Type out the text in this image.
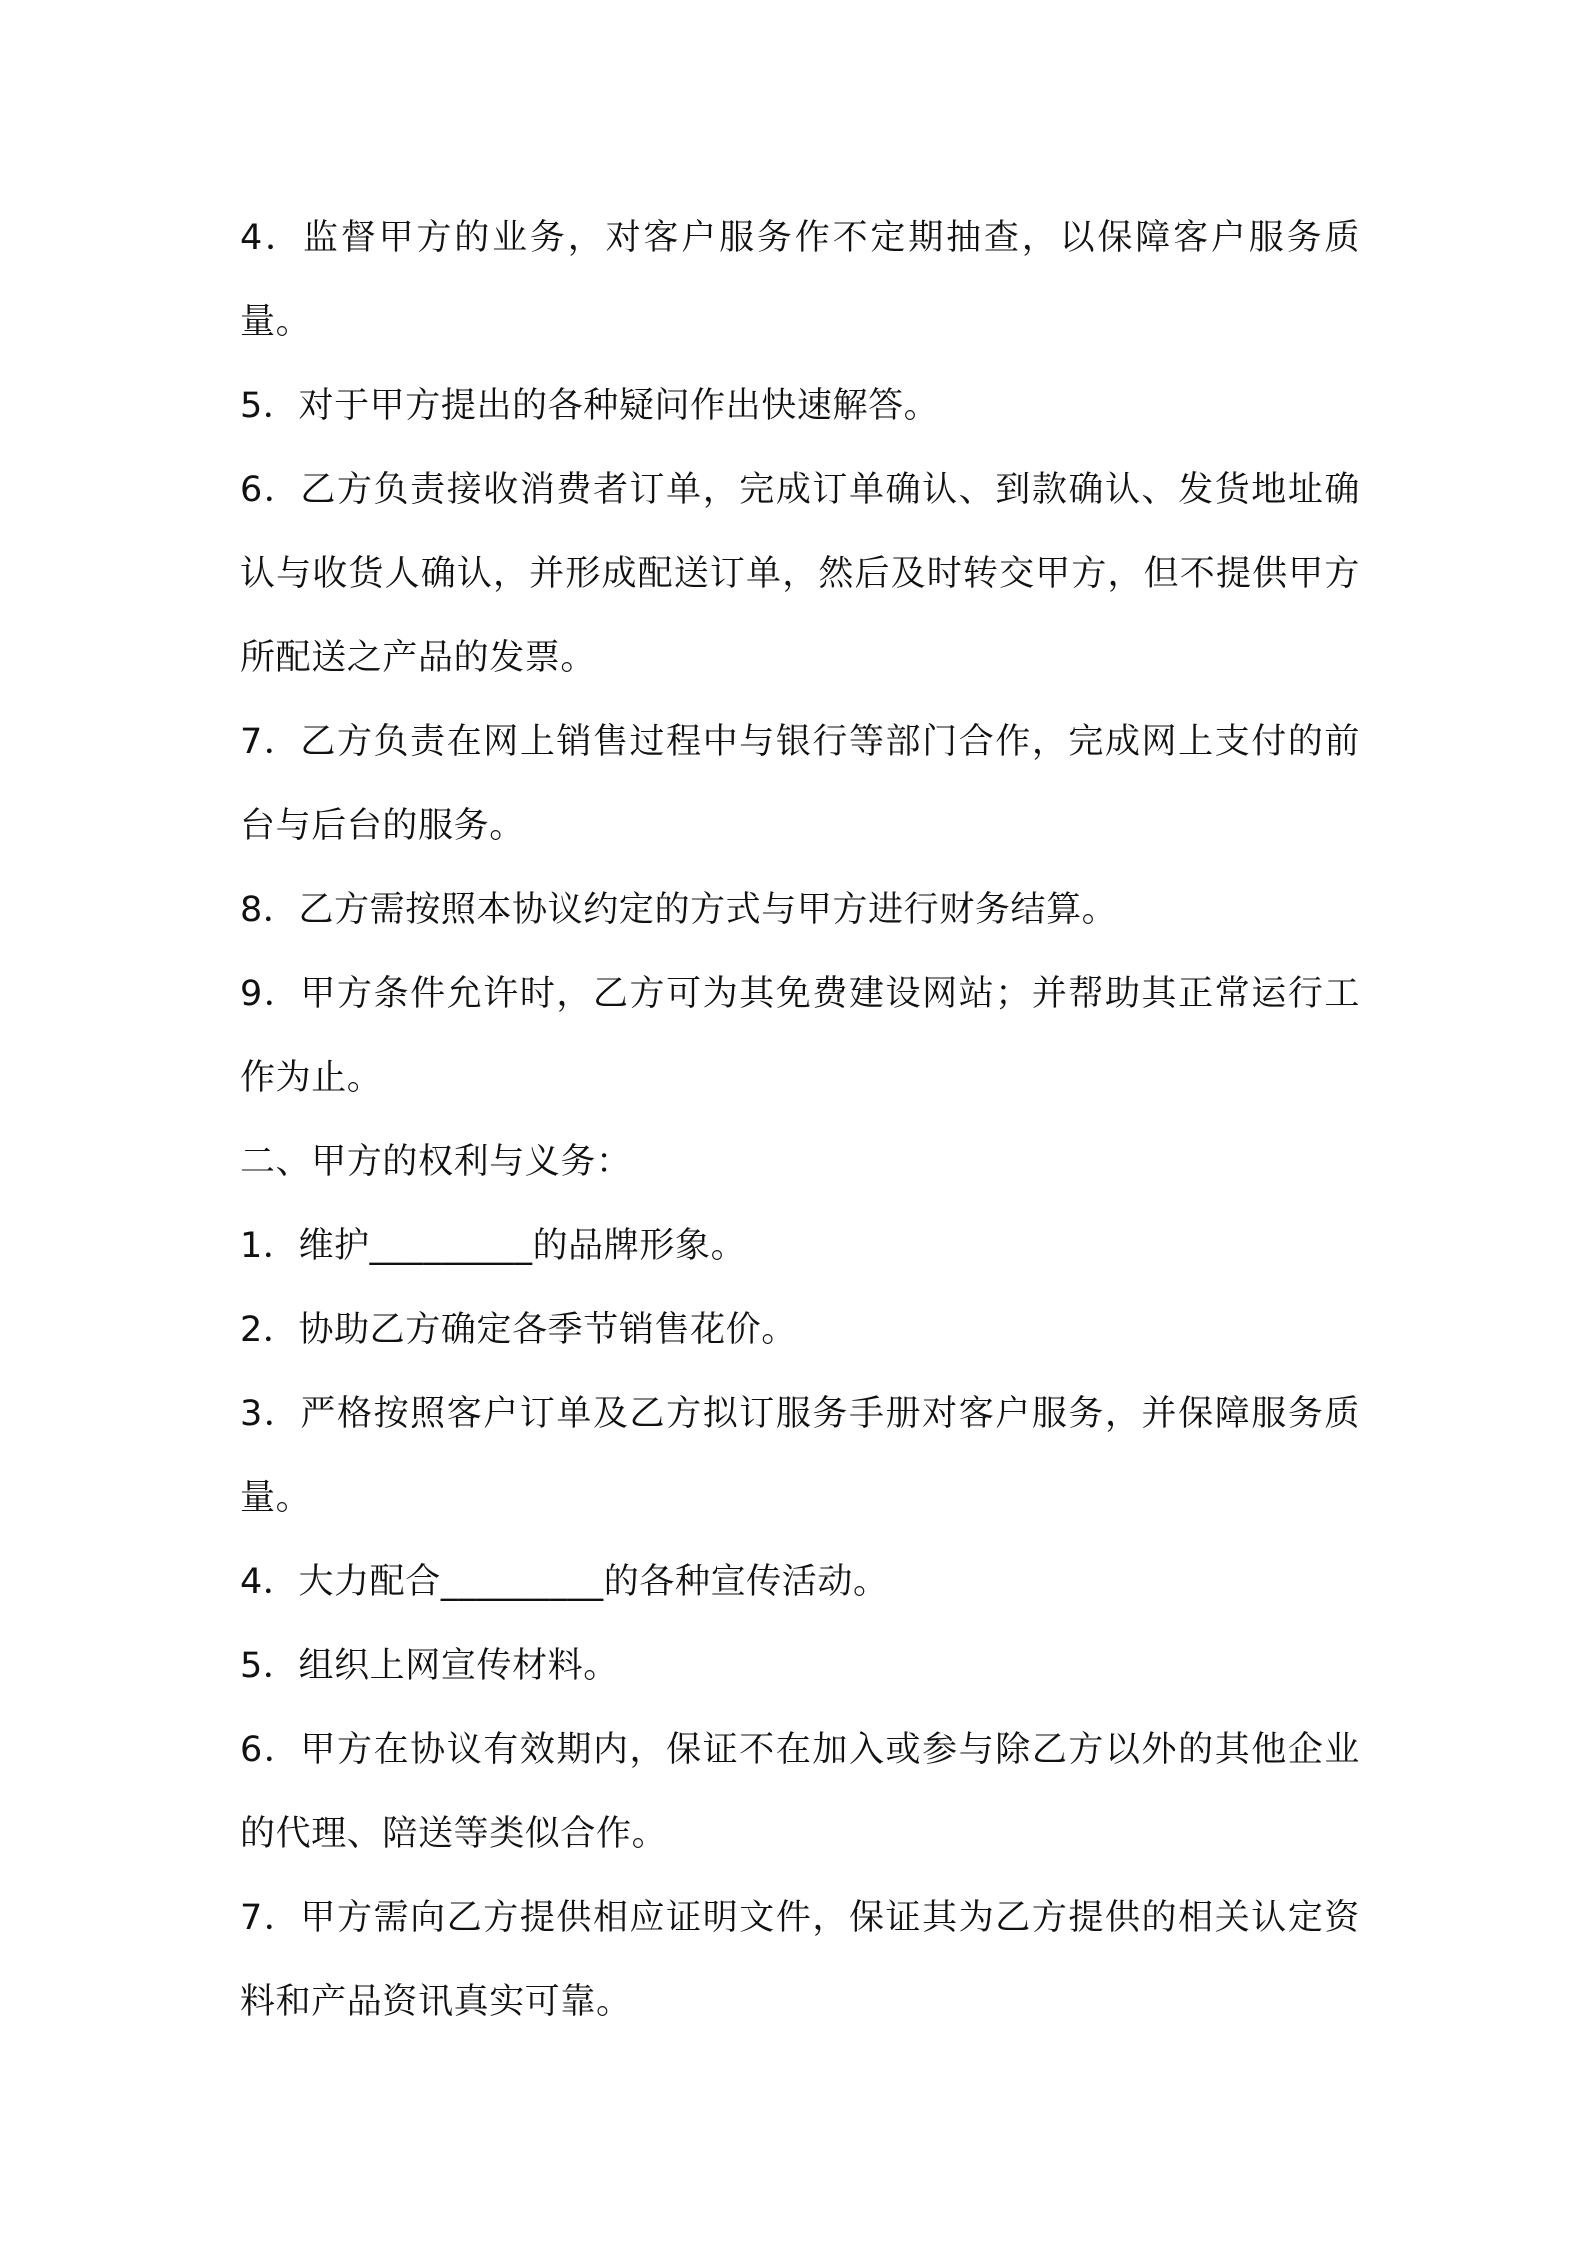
4．监督甲方的业务，对客户服务作不定期抽查，以保障客户服务质量。

5．对于甲方提出的各种疑问作出快速解答。

6．乙方负责接收消费者订单，完成订单确认、到款确认、发货地址确认与收货人确认，并形成配送订单，然后及时转交甲方，但不提供甲方所配送之产品的发票。

7．乙方负责在网上销售过程中与银行等部门合作，完成网上支付的前台与后台的服务。

8．乙方需按照本协议约定的方式与甲方进行财务结算。

9．甲方条件允许时，乙方可为其免费建设网站；并帮助其正常运行工作为止。

二、甲方的权利与义务：

1．维护_________的品牌形象。

2．协助乙方确定各季节销售花价。

3．严格按照客户订单及乙方拟订服务手册对客户服务，并保障服务质量。

4．大力配合_________的各种宣传活动。

5．组织上网宣传材料。

6．甲方在协议有效期内，保证不在加入或参与除乙方以外的其他企业的代理、陪送等类似合作。

7．甲方需向乙方提供相应证明文件，保证其为乙方提供的相关认定资料和产品资讯真实可靠。
